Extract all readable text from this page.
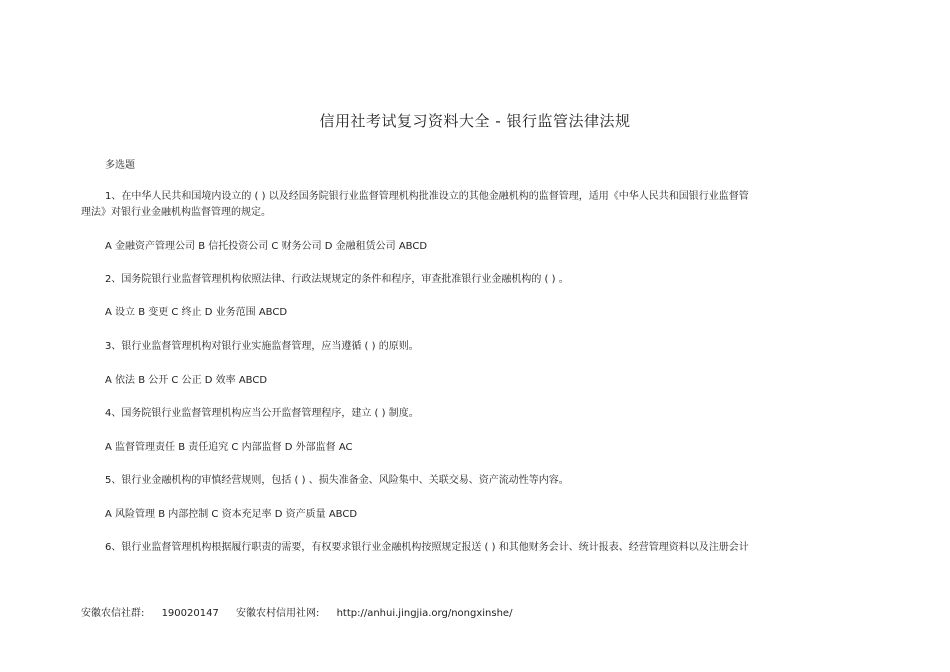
信用社考试复习资料大全 - 银行监管法律法规
多选题
1、在中华人民共和国境内设立的 ( ) 以及经国务院银行业监督管理机构批准设立的其他金融机构的监督管理，适用《中华人民共和国银行业监督管
理法》对银行业金融机构监督管理的规定。
A 金融资产管理公司 B 信托投资公司 C 财务公司 D 金融租赁公司 ABCD
2、国务院银行业监督管理机构依照法律、行政法规规定的条件和程序，审查批准银行业金融机构的 ( ) 。
A 设立 B 变更 C 终止 D 业务范围 ABCD
3、银行业监督管理机构对银行业实施监督管理，应当遵循 ( ) 的原则。
A 依法 B 公开 C 公正 D 效率 ABCD
4、国务院银行业监督管理机构应当公开监督管理程序，建立 ( ) 制度。
A 监督管理责任 B 责任追究 C 内部监督 D 外部监督 AC
5、银行业金融机构的审慎经营规则，包括 ( ) 、损失准备金、风险集中、关联交易、资产流动性等内容。
A 风险管理 B 内部控制 C 资本充足率 D 资产质量 ABCD
6、银行业监督管理机构根据履行职责的需要，有权要求银行业金融机构按照规定报送 ( ) 和其他财务会计、统计报表、经营管理资料以及注册会计
安徽农信社群: 190020147 安徽农村信用社网: http://anhui.jingjia.org/nongxinshe/
